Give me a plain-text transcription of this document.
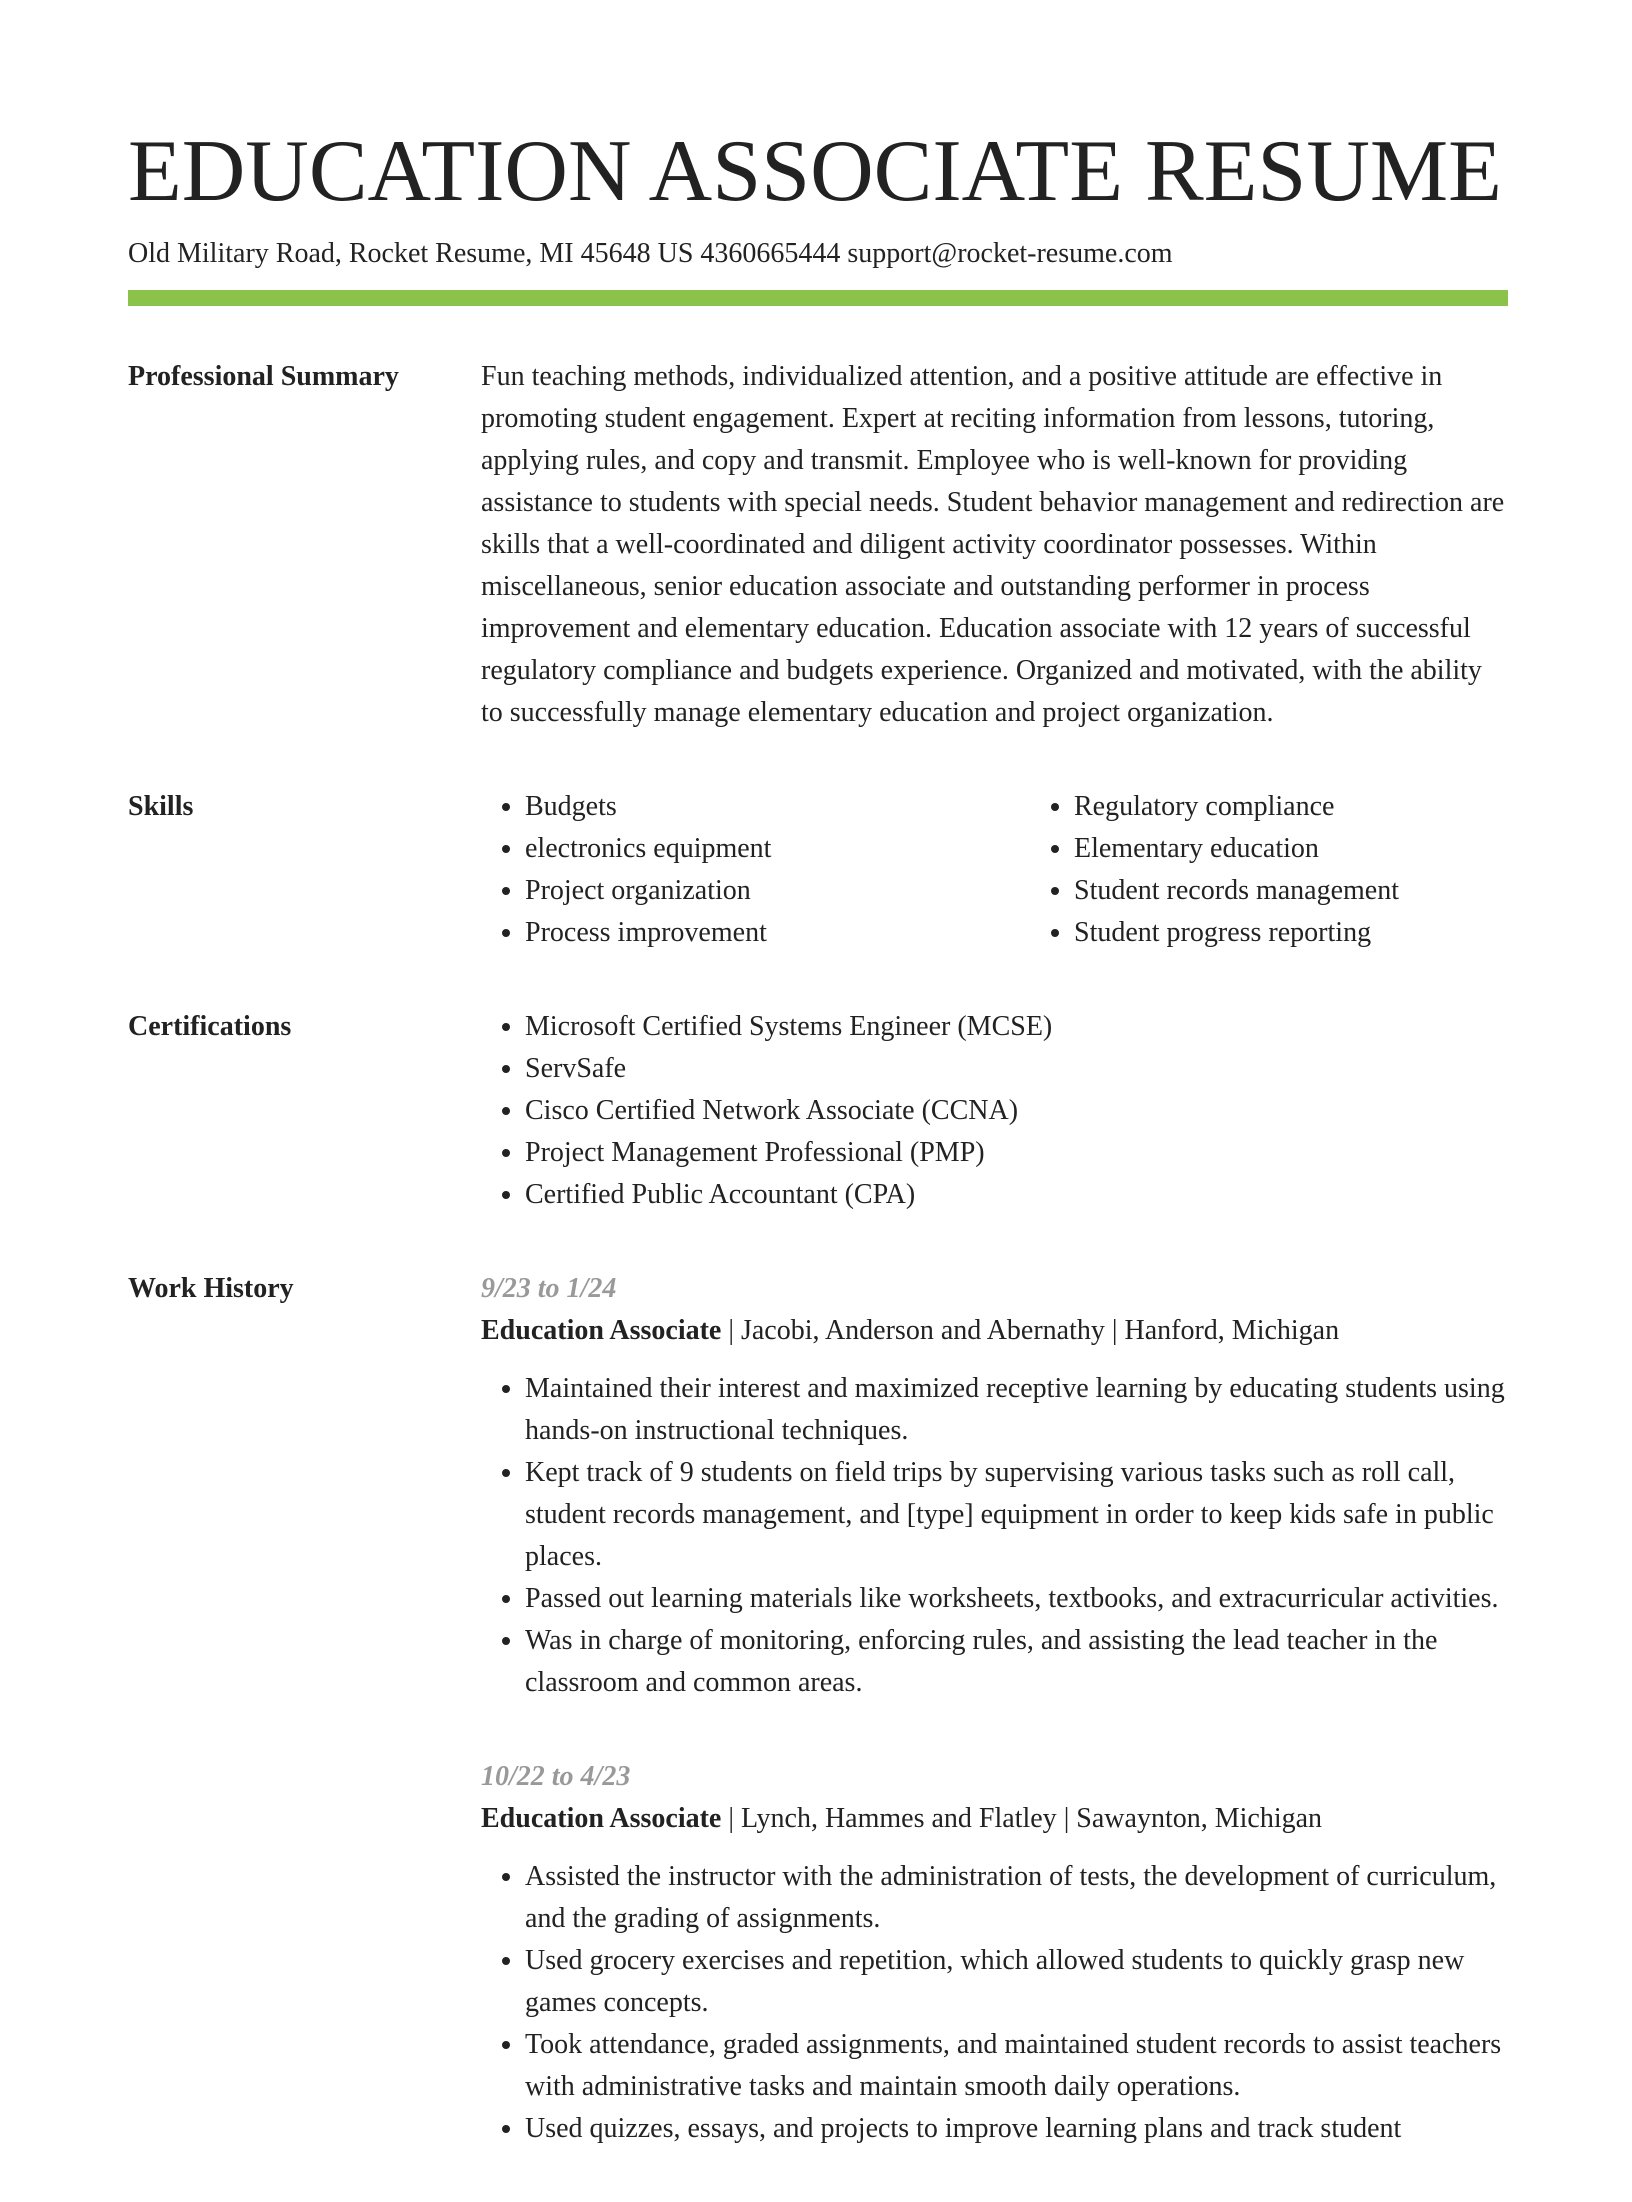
EDUCATION ASSOCIATE RESUME
Old Military Road, Rocket Resume, MI 45648 US 4360665444 support@rocket-resume.com
Professional Summary	Fun teaching methods, individualized attention, and a positive attitude are effective in promoting student engagement. Expert at reciting information from lessons, tutoring, applying rules, and copy and transmit. Employee who is well-known for providing assistance to students with special needs. Student behavior management and redirection are skills that a well-coordinated and diligent activity coordinator possesses. Within miscellaneous, senior education associate and outstanding performer in process improvement and elementary education. Education associate with 12 years of successful regulatory compliance and budgets experience. Organized and motivated, with the ability to successfully manage elementary education and project organization.

Skills	• Budgets
• electronics equipment
• Project organization
• Process improvement
• Regulatory compliance
• Elementary education
• Student records management
• Student progress reporting
Certifications	• Microsoft Certified Systems Engineer (MCSE)
• ServSafe
• Cisco Certified Network Associate (CCNA)
• Project Management Professional (PMP)
• Certified Public Accountant (CPA)
Work History	9/23 to 1/24
Education Associate | Jacobi, Anderson and Abernathy | Hanford, Michigan
• Maintained their interest and maximized receptive learning by educating students using hands-on instructional techniques.
• Kept track of 9 students on field trips by supervising various tasks such as roll call, student records management, and [type] equipment in order to keep kids safe in public places.
• Passed out learning materials like worksheets, textbooks, and extracurricular activities.
• Was in charge of monitoring, enforcing rules, and assisting the lead teacher in the classroom and common areas.
10/22 to 4/23
Education Associate | Lynch, Hammes and Flatley | Sawaynton, Michigan
• Assisted the instructor with the administration of tests, the development of curriculum, and the grading of assignments.
• Used grocery exercises and repetition, which allowed students to quickly grasp new games concepts.
• Took attendance, graded assignments, and maintained student records to assist teachers with administrative tasks and maintain smooth daily operations.
• Used quizzes, essays, and projects to improve learning plans and track student
